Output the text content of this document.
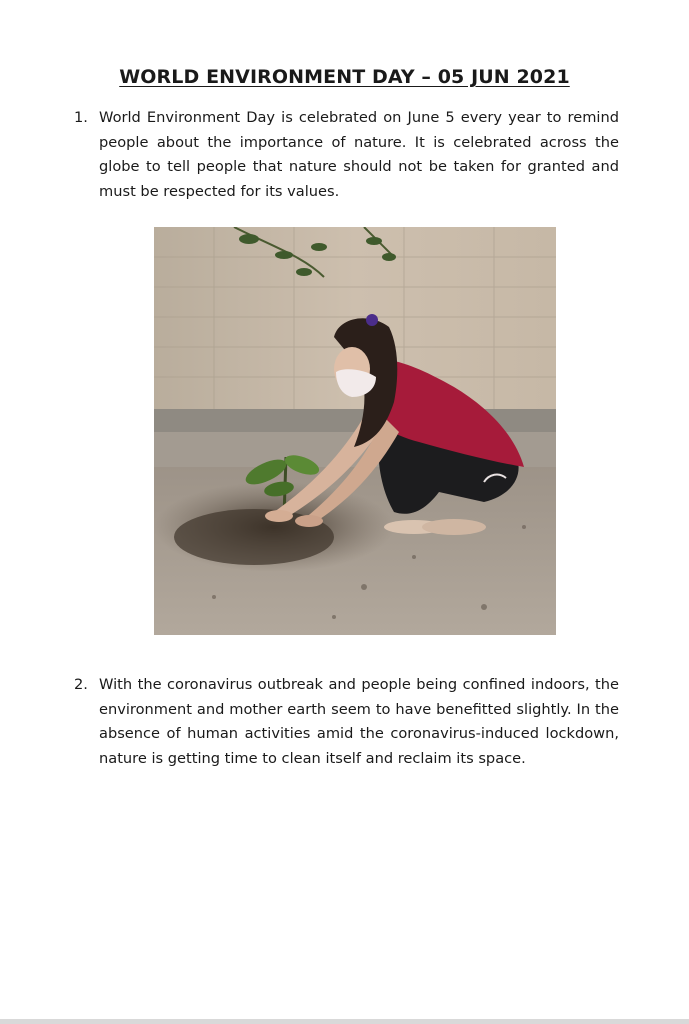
WORLD ENVIRONMENT DAY – 05 JUN 2021
1. World Environment Day is celebrated on June 5 every year to remind people about the importance of nature. It is celebrated across the globe to tell people that nature should not be taken for granted and must be respected for its values.
2. With the coronavirus outbreak and people being confined indoors, the environment and mother earth seem to have benefitted slightly. In the absence of human activities amid the coronavirus-induced lockdown, nature is getting time to clean itself and reclaim its space.
